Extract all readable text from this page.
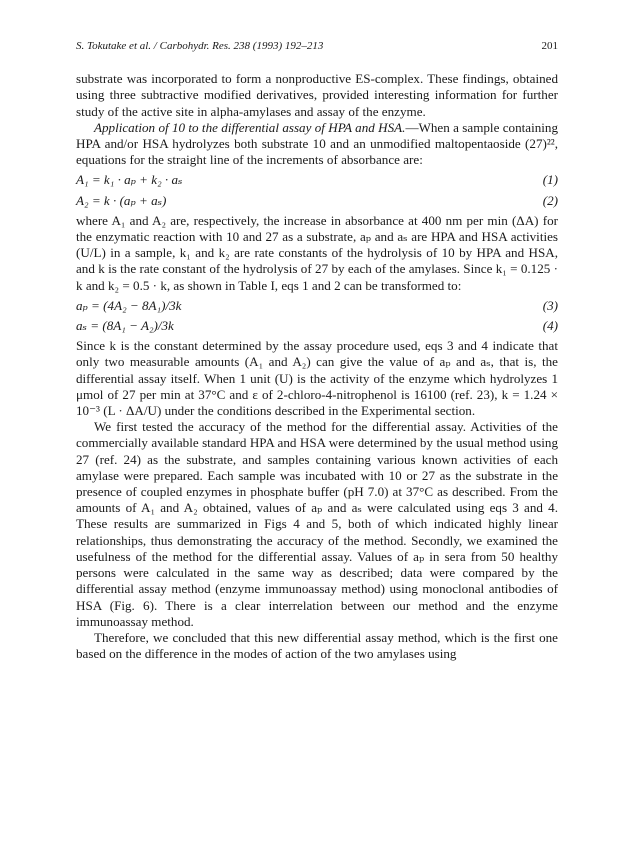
S. Tokutake et al. / Carbohydr. Res. 238 (1993) 192–213	201

substrate was incorporated to form a nonproductive ES-complex. These findings, obtained using three subtractive modified derivatives, provided interesting information for further study of the active site in alpha-amylases and assay of the enzyme.

Application of 10 to the differential assay of HPA and HSA.—When a sample containing HPA and/or HSA hydrolyzes both substrate 10 and an unmodified maltopentaoside (27)²², equations for the straight line of the increments of absorbance are:

A₁ = k₁ · aₚ + k₂ · aₛ	(1)
A₂ = k · (aₚ + aₛ)	(2)

where A₁ and A₂ are, respectively, the increase in absorbance at 400 nm per min (ΔA) for the enzymatic reaction with 10 and 27 as a substrate, aₚ and aₛ are HPA and HSA activities (U/L) in a sample, k₁ and k₂ are rate constants of the hydrolysis of 10 by HPA and HSA, and k is the rate constant of the hydrolysis of 27 by each of the amylases. Since k₁ = 0.125 · k and k₂ = 0.5 · k, as shown in Table I, eqs 1 and 2 can be transformed to:

aₚ = (4A₂ − 8A₁)/3k	(3)
aₛ = (8A₁ − A₂)/3k	(4)

Since k is the constant determined by the assay procedure used, eqs 3 and 4 indicate that only two measurable amounts (A₁ and A₂) can give the value of aₚ and aₛ, that is, the differential assay itself. When 1 unit (U) is the activity of the enzyme which hydrolyzes 1 μmol of 27 per min at 37°C and ε of 2-chloro-4-nitrophenol is 16100 (ref. 23), k = 1.24 × 10⁻³ (L · ΔA/U) under the conditions described in the Experimental section.

We first tested the accuracy of the method for the differential assay. Activities of the commercially available standard HPA and HSA were determined by the usual method using 27 (ref. 24) as the substrate, and samples containing various known activities of each amylase were prepared. Each sample was incubated with 10 or 27 as the substrate in the presence of coupled enzymes in phosphate buffer (pH 7.0) at 37°C as described. From the amounts of A₁ and A₂ obtained, values of aₚ and aₛ were calculated using eqs 3 and 4. These results are summarized in Figs 4 and 5, both of which indicated highly linear relationships, thus demonstrating the accuracy of the method. Secondly, we examined the usefulness of the method for the differential assay. Values of aₚ in sera from 50 healthy persons were calculated in the same way as described; data were compared by the differential assay method (enzyme immunoassay method) using monoclonal antibodies of HSA (Fig. 6). There is a clear interrelation between our method and the enzyme immunoassay method.

Therefore, we concluded that this new differential assay method, which is the first one based on the difference in the modes of action of the two amylases using
